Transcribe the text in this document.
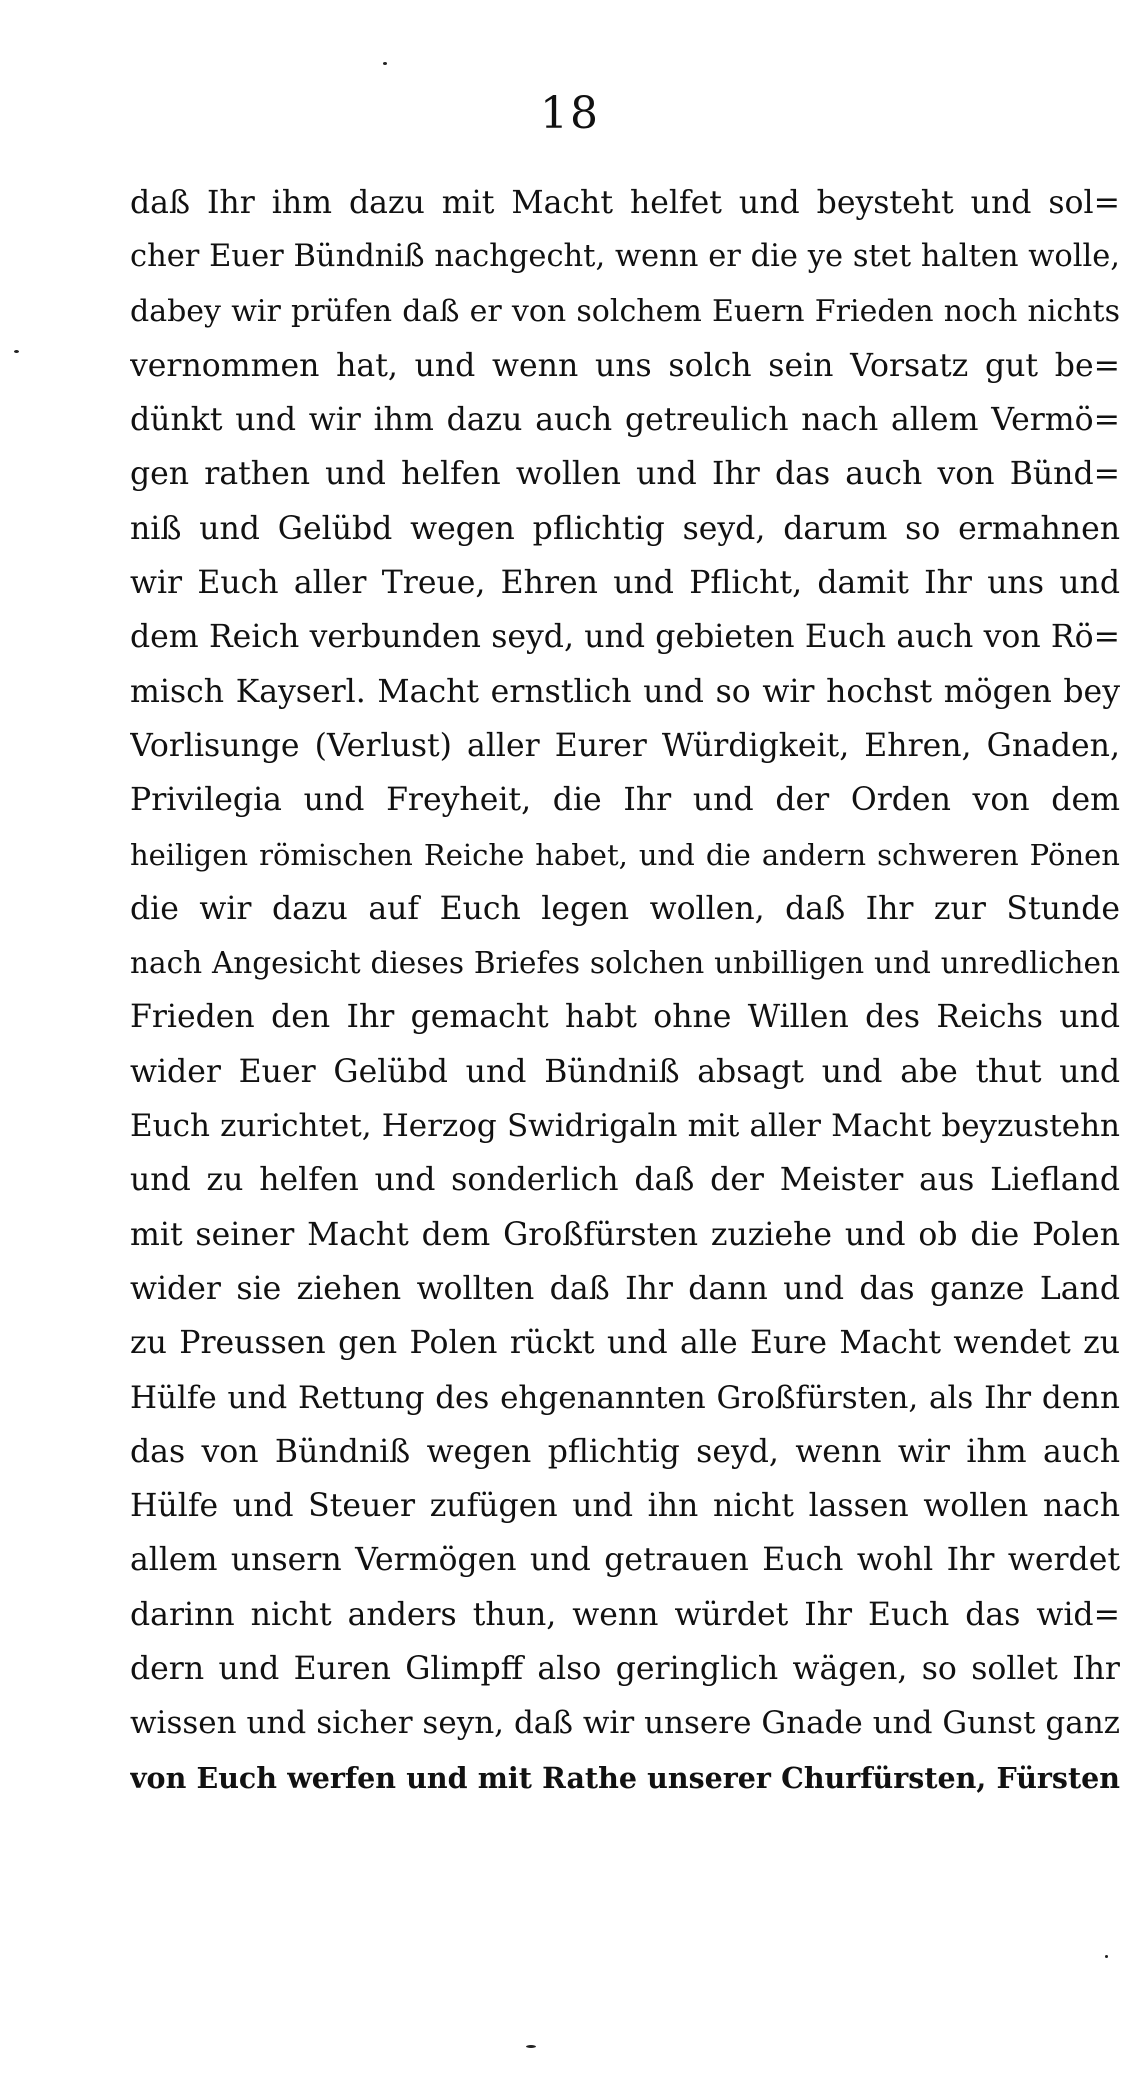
18
daß Ihr ihm dazu mit Macht helfet und beysteht und sol=
cher Euer Bündniß nachgecht, wenn er die ye stet halten wolle,
dabey wir prüfen daß er von solchem Euern Frieden noch nichts
vernommen hat, und wenn uns solch sein Vorsatz gut be=
dünkt und wir ihm dazu auch getreulich nach allem Vermö=
gen rathen und helfen wollen und Ihr das auch von Bünd=
niß und Gelübd wegen pflichtig seyd, darum so ermahnen
wir Euch aller Treue, Ehren und Pflicht, damit Ihr uns und
dem Reich verbunden seyd, und gebieten Euch auch von Rö=
misch Kayserl. Macht ernstlich und so wir hochst mögen bey
Vorlisunge (Verlust) aller Eurer Würdigkeit, Ehren, Gnaden,
Privilegia und Freyheit, die Ihr und der Orden von dem
heiligen römischen Reiche habet, und die andern schweren Pönen
die wir dazu auf Euch legen wollen, daß Ihr zur Stunde
nach Angesicht dieses Briefes solchen unbilligen und unredlichen
Frieden den Ihr gemacht habt ohne Willen des Reichs und
wider Euer Gelübd und Bündniß absagt und abe thut und
Euch zurichtet, Herzog Swidrigaln mit aller Macht beyzustehn
und zu helfen und sonderlich daß der Meister aus Liefland
mit seiner Macht dem Großfürsten zuziehe und ob die Polen
wider sie ziehen wollten daß Ihr dann und das ganze Land
zu Preussen gen Polen rückt und alle Eure Macht wendet zu
Hülfe und Rettung des ehgenannten Großfürsten, als Ihr denn
das von Bündniß wegen pflichtig seyd, wenn wir ihm auch
Hülfe und Steuer zufügen und ihn nicht lassen wollen nach
allem unsern Vermögen und getrauen Euch wohl Ihr werdet
darinn nicht anders thun, wenn würdet Ihr Euch das wid=
dern und Euren Glimpff also geringlich wägen, so sollet Ihr
wissen und sicher seyn, daß wir unsere Gnade und Gunst ganz
von Euch werfen und mit Rathe unserer Churfürsten, Fürsten
